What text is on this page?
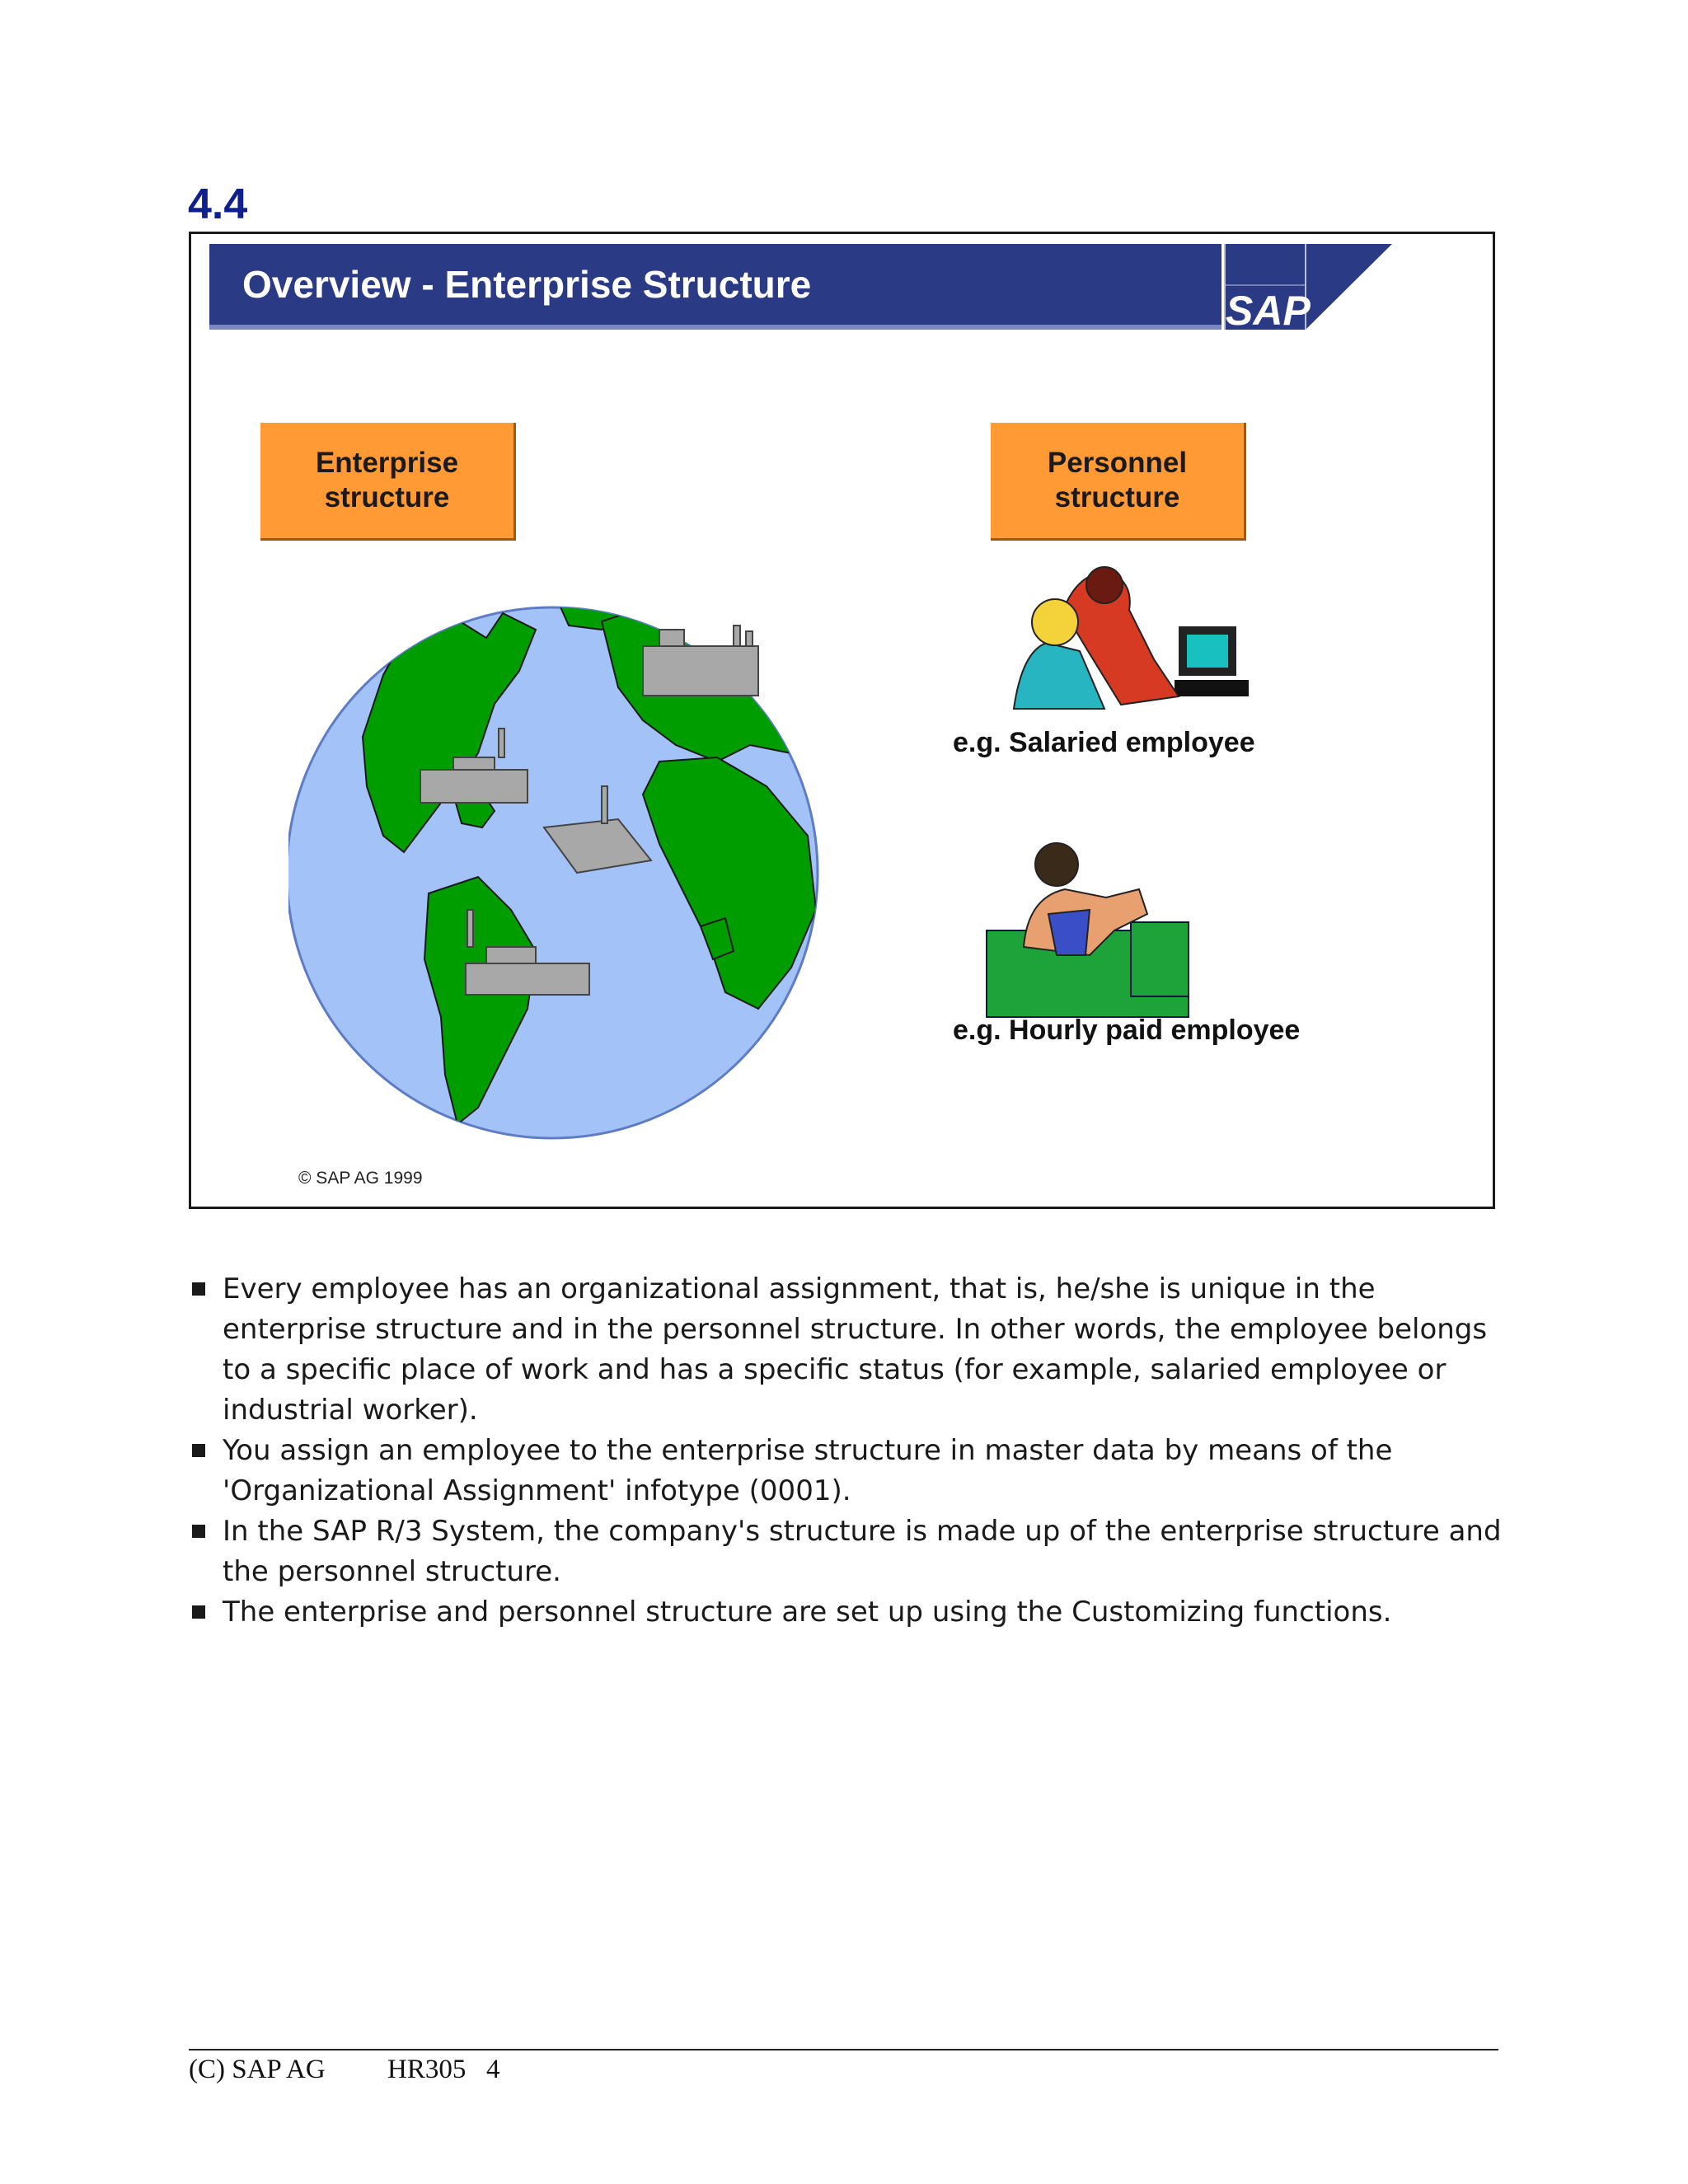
4.4
SAP
Overview - Enterprise Structure
Enterprise
structure
Personnel
structure
e.g. Salaried employee
e.g. Hourly paid employee
© SAP AG 1999
Every employee has an organizational assignment, that is, he/she is unique in the enterprise structure and in the personnel structure. In other words, the employee belongs to a specific place of work and has a specific status (for example, salaried employee or industrial worker).
You assign an employee to the enterprise structure in master data by means of the 'Organizational Assignment' infotype (0001).
In the SAP R/3 System, the company's structure is made up of the enterprise structure and the personnel structure.
The enterprise and personnel structure are set up using the Customizing functions.
(C) SAP AG HR305 4
